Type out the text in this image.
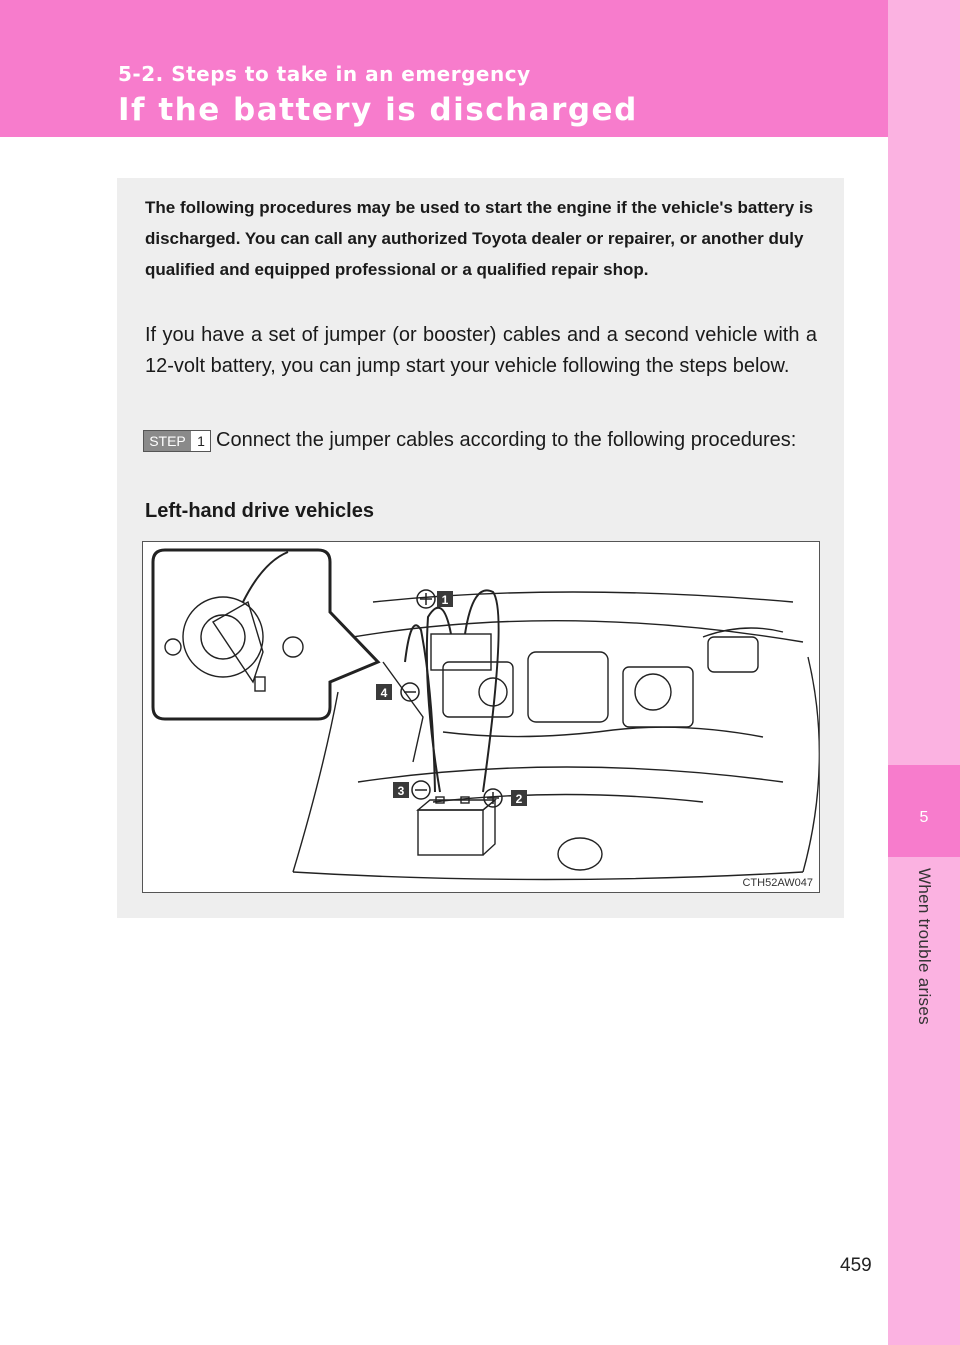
5-2. Steps to take in an emergency
If the battery is discharged
5
When trouble arises

The following procedures may be used to start the engine if the vehicle's battery is discharged. You can call any authorized Toyota dealer or repairer, or another duly qualified and equipped professional or a qualified repair shop.

If you have a set of jumper (or booster) cables and a second vehicle with a 12-volt battery, you can jump start your vehicle following the steps below.

STEP 1 Connect the jumper cables according to the following procedures:

Left-hand drive vehicles

1
2
3
4
CTH52AW047
459
